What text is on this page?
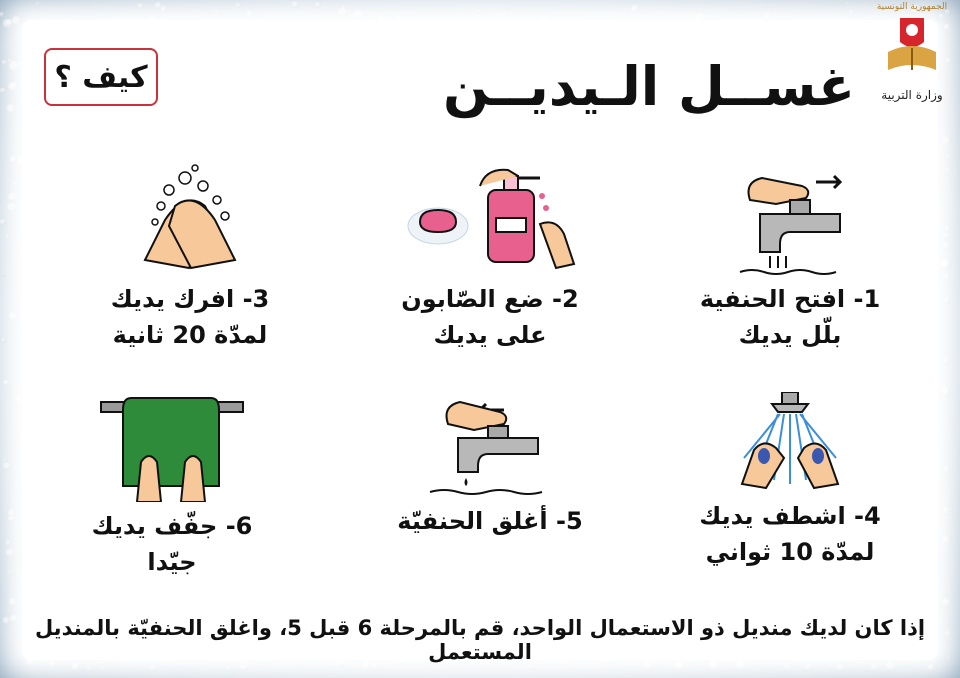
الجمهورية التونسية
وزارة التربية
كيف ؟	غســل الـيديــن
1- افتح الحنفية
بلّل يديك
2- ضع الصّابون
على يديك
3- افرك يديك
لمدّة 20 ثانية
4- اشطف يديك
لمدّة 10 ثواني
5- أغلق الحنفيّة
6- جفّف يديك
جيّدا
إذا كان لديك منديل ذو الاستعمال الواحد، قم بالمرحلة 6 قبل 5، واغلق الحنفيّة بالمنديل المستعمل
